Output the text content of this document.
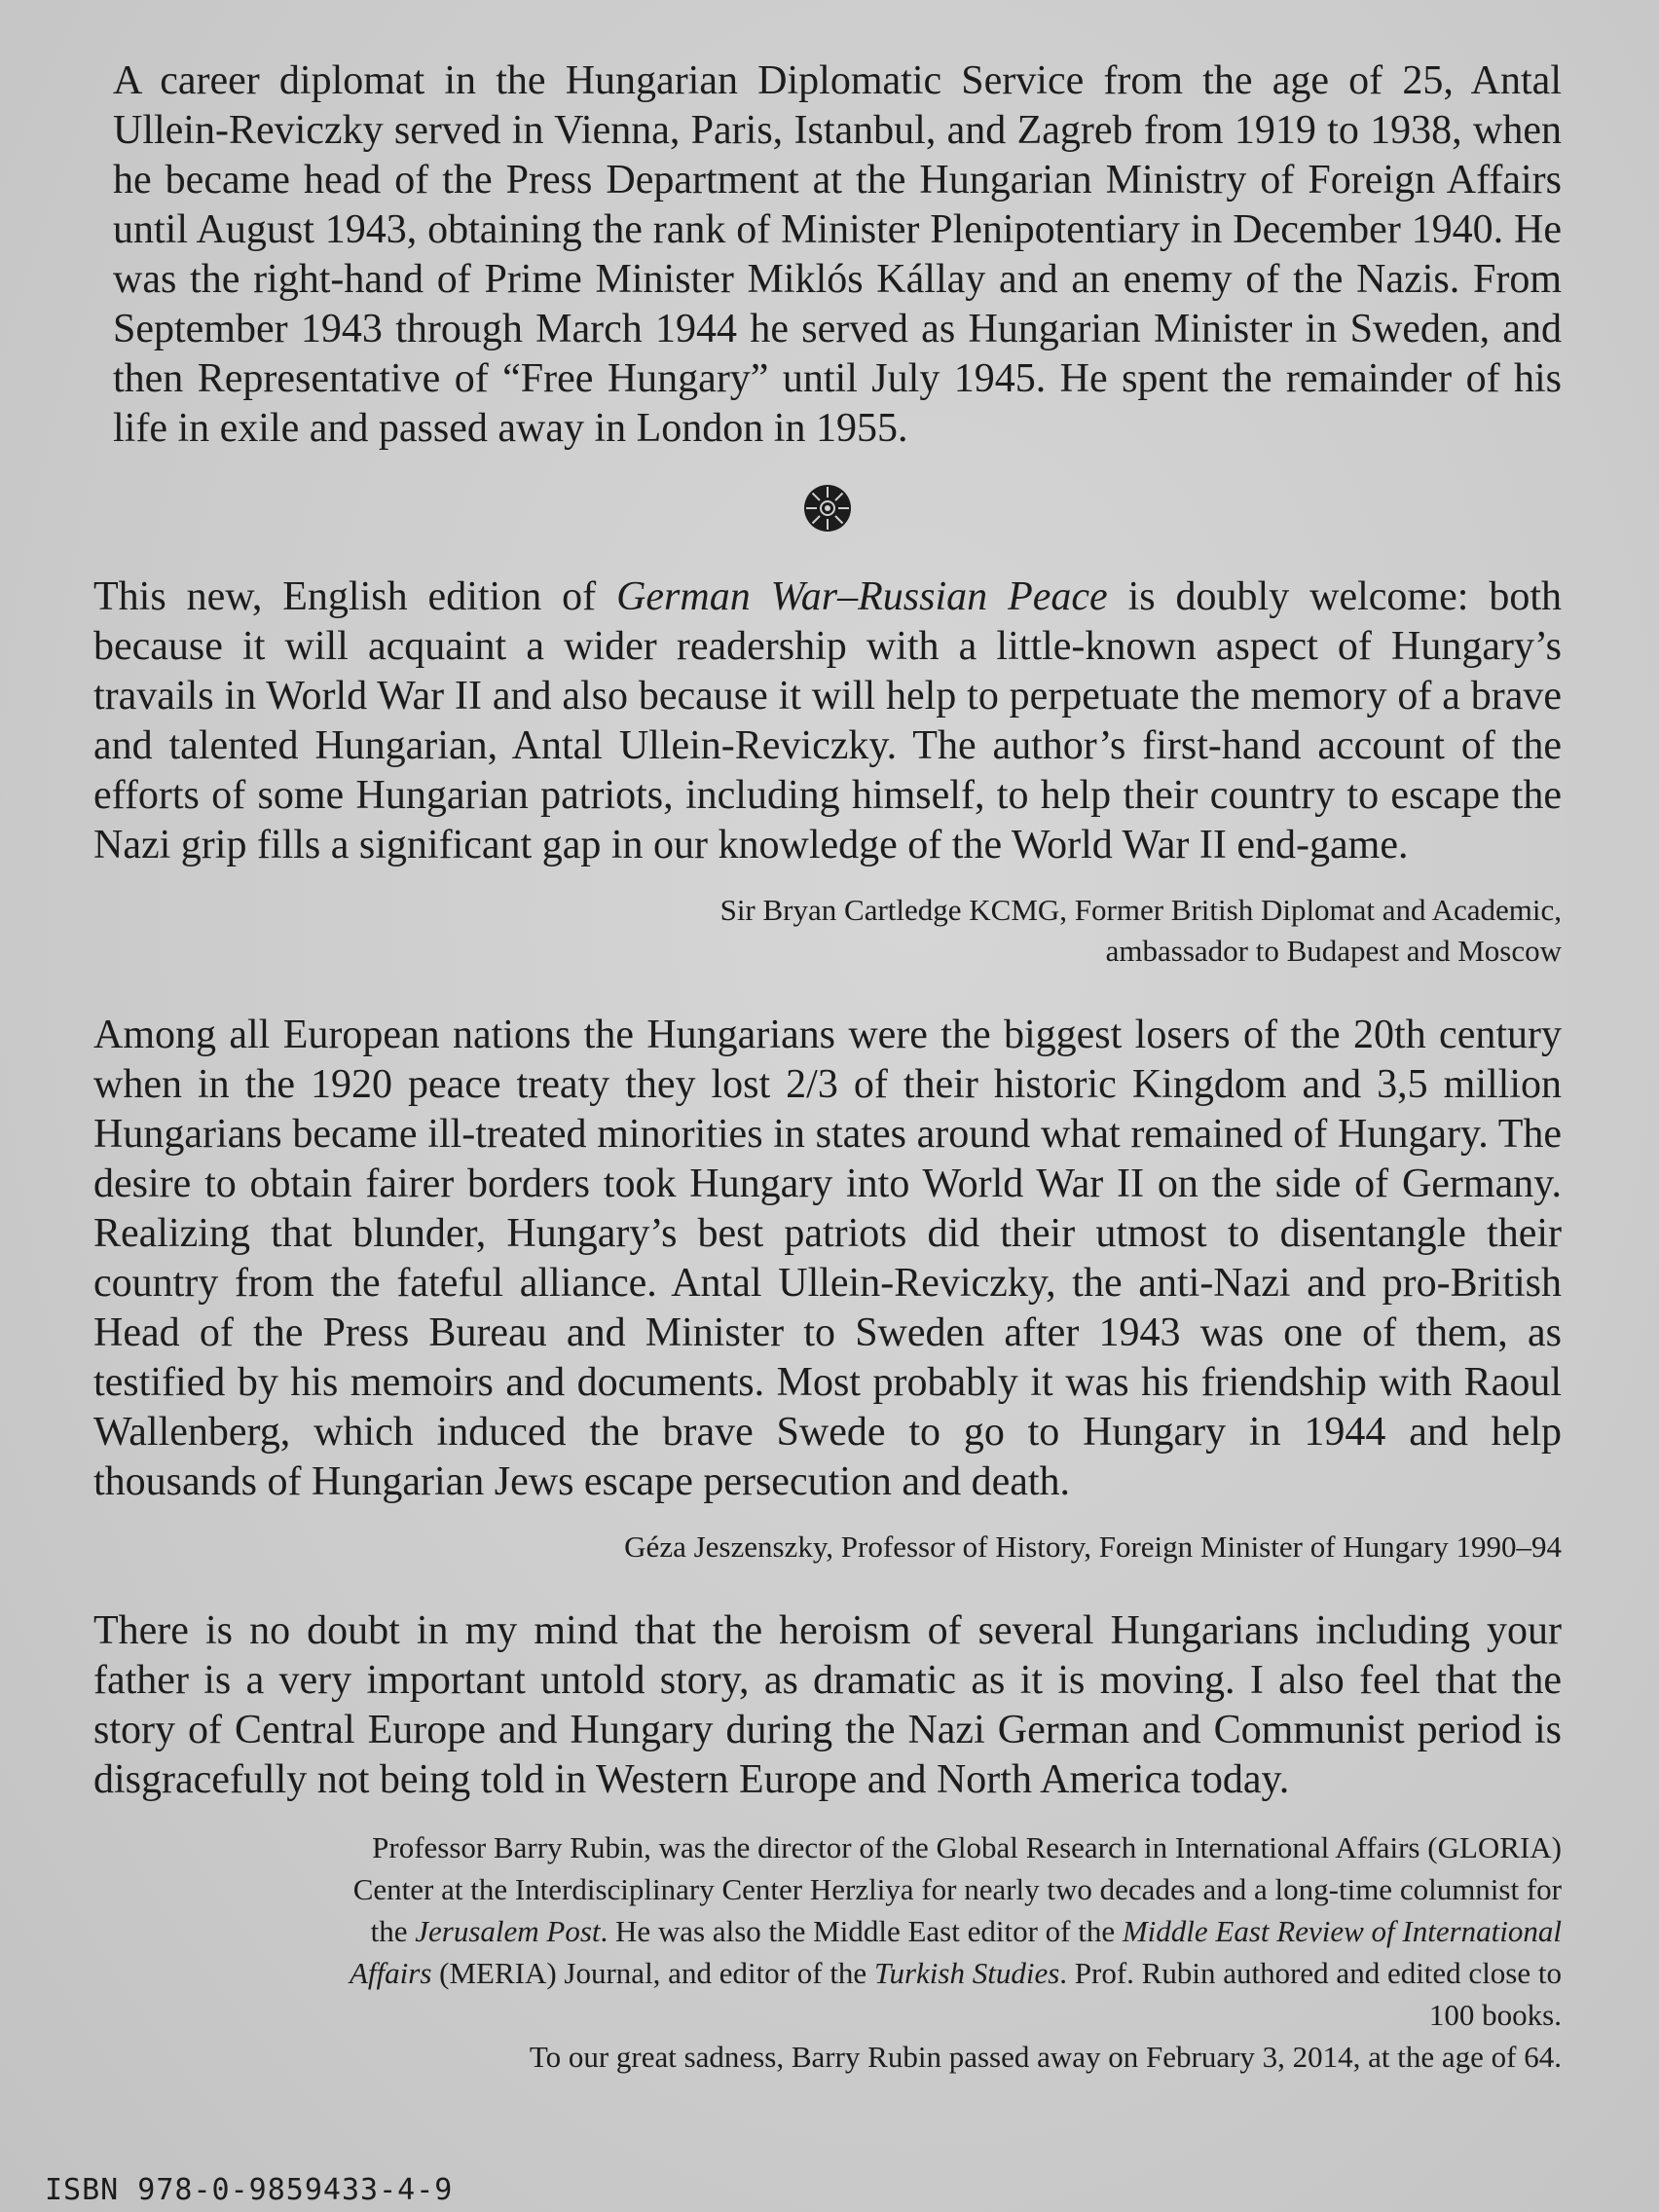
A career diplomat in the Hungarian Diplomatic Service from the age of 25, Antal Ullein-Reviczky served in Vienna, Paris, Istanbul, and Zagreb from 1919 to 1938, when he became head of the Press Department at the Hungarian Ministry of Foreign Affairs until August 1943, obtaining the rank of Minister Plenipotentiary in December 1940. He was the right-hand of Prime Minister Miklós Kállay and an enemy of the Nazis. From September 1943 through March 1944 he served as Hungarian Minister in Sweden, and then Representative of “Free Hungary” until July 1945. He spent the remainder of his life in exile and passed away in London in 1955.

This new, English edition of German War–Russian Peace is doubly welcome: both because it will acquaint a wider readership with a little-known aspect of Hungary’s travails in World War II and also because it will help to perpetuate the memory of a brave and talented Hungarian, Antal Ullein-Reviczky. The author’s first-hand account of the efforts of some Hungarian patriots, including himself, to help their country to escape the Nazi grip fills a significant gap in our knowledge of the World War II end-game.

Sir Bryan Cartledge KCMG, Former British Diplomat and Academic,
ambassador to Budapest and Moscow

Among all European nations the Hungarians were the biggest losers of the 20th century when in the 1920 peace treaty they lost 2/3 of their historic Kingdom and 3,5 million Hungarians became ill-treated minorities in states around what remained of Hungary. The desire to obtain fairer borders took Hungary into World War II on the side of Germany. Realizing that blunder, Hungary’s best patriots did their utmost to disentangle their country from the fateful alliance. Antal Ullein-Reviczky, the anti-Nazi and pro-British Head of the Press Bureau and Minister to Sweden after 1943 was one of them, as testified by his memoirs and documents. Most probably it was his friendship with Raoul Wallenberg, which induced the brave Swede to go to Hungary in 1944 and help thousands of Hungarian Jews escape persecution and death.

Géza Jeszenszky, Professor of History, Foreign Minister of Hungary 1990–94

There is no doubt in my mind that the heroism of several Hungarians including your father is a very important untold story, as dramatic as it is moving. I also feel that the story of Central Europe and Hungary during the Nazi German and Communist period is disgracefully not being told in Western Europe and North America today.

Professor Barry Rubin, was the director of the Global Research in International Affairs (GLORIA) Center at the Interdisciplinary Center Herzliya for nearly two decades and a long-time columnist for the Jerusalem Post. He was also the Middle East editor of the Middle East Review of International Affairs (MERIA) Journal, and editor of the Turkish Studies. Prof. Rubin authored and edited close to 100 books.
To our great sadness, Barry Rubin passed away on February 3, 2014, at the age of 64.
ISBN 978-0-9859433-4-9
